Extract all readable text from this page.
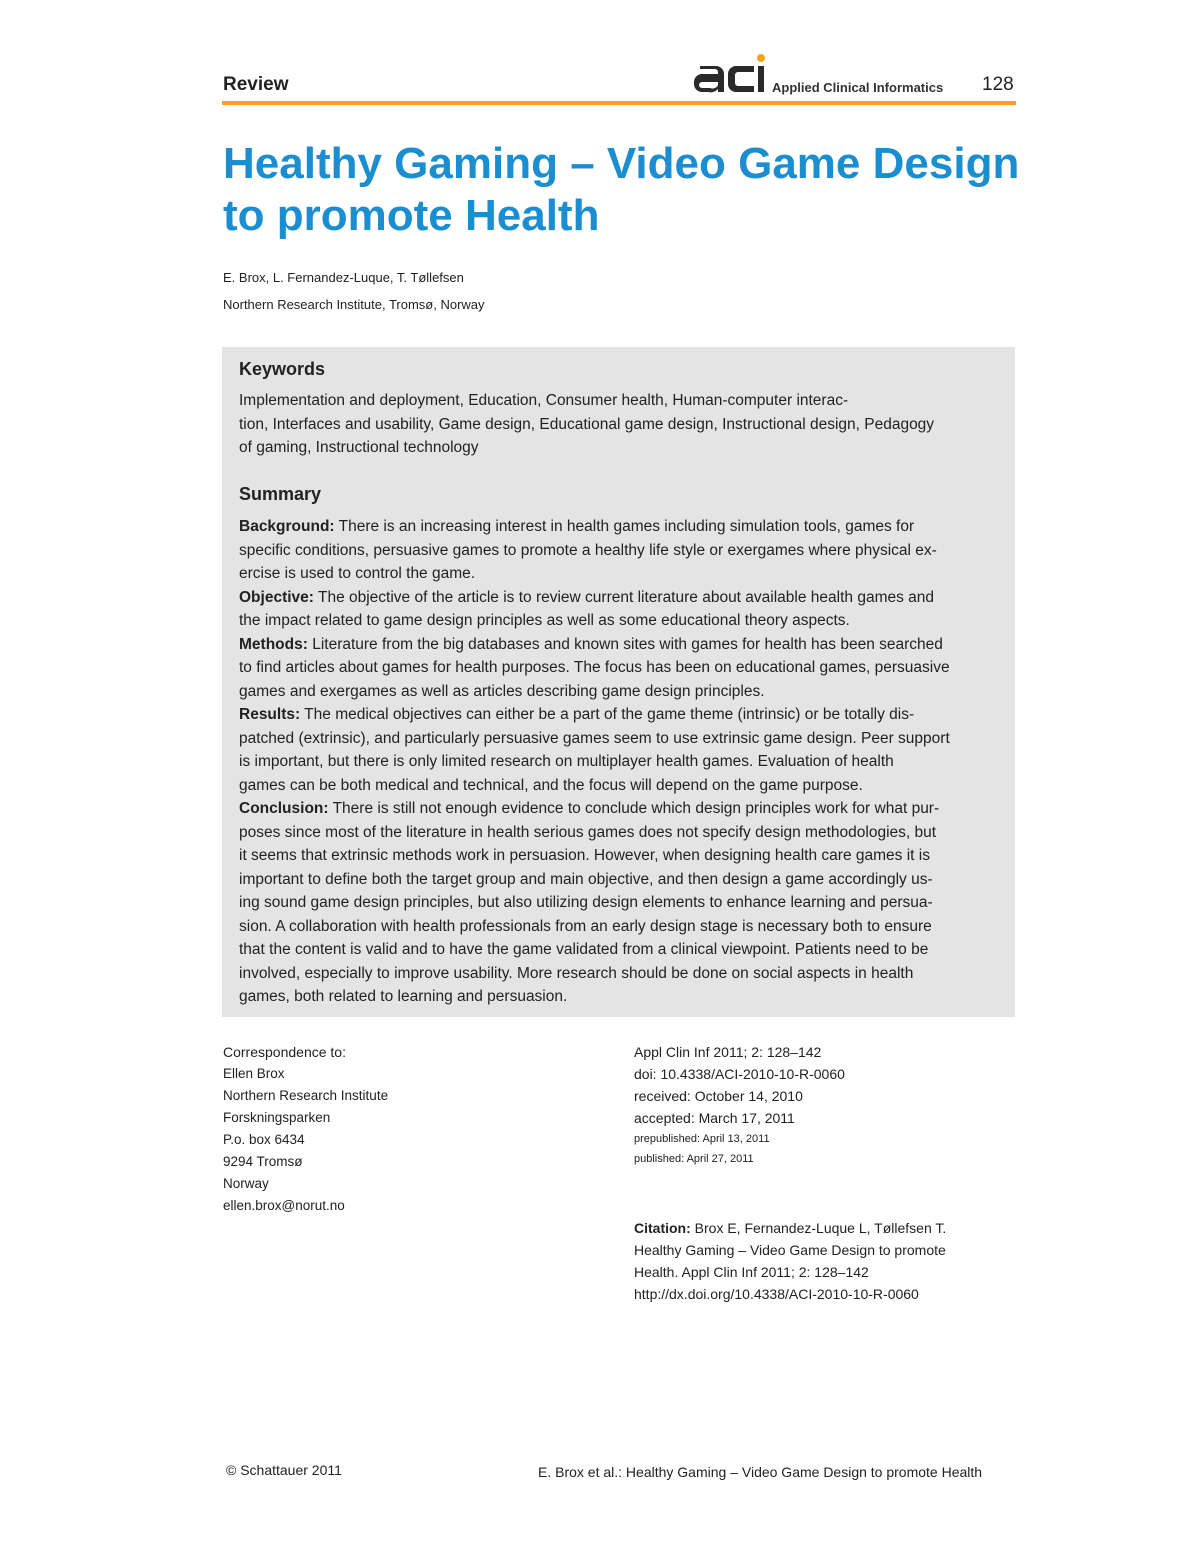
Review	Applied Clinical Informatics 128
Healthy Gaming – Video Game Design
to promote Health
E. Brox, L. Fernandez-Luque, T. Tøllefsen
Northern Research Institute, Tromsø, Norway
Keywords
Implementation and deployment, Education, Consumer health, Human-computer interac-
tion, Interfaces and usability, Game design, Educational game design, Instructional design, Pedagogy
of gaming, Instructional technology
Summary
Background: There is an increasing interest in health games including simulation tools, games for
specific conditions, persuasive games to promote a healthy life style or exergames where physical ex-
ercise is used to control the game.
Objective: The objective of the article is to review current literature about available health games and
the impact related to game design principles as well as some educational theory aspects.
Methods: Literature from the big databases and known sites with games for health has been searched
to find articles about games for health purposes. The focus has been on educational games, persuasive
games and exergames as well as articles describing game design principles.
Results: The medical objectives can either be a part of the game theme (intrinsic) or be totally dis-
patched (extrinsic), and particularly persuasive games seem to use extrinsic game design. Peer support
is important, but there is only limited research on multiplayer health games. Evaluation of health
games can be both medical and technical, and the focus will depend on the game purpose.
Conclusion: There is still not enough evidence to conclude which design principles work for what pur-
poses since most of the literature in health serious games does not specify design methodologies, but
it seems that extrinsic methods work in persuasion. However, when designing health care games it is
important to define both the target group and main objective, and then design a game accordingly us-
ing sound game design principles, but also utilizing design elements to enhance learning and persua-
sion. A collaboration with health professionals from an early design stage is necessary both to ensure
that the content is valid and to have the game validated from a clinical viewpoint. Patients need to be
involved, especially to improve usability. More research should be done on social aspects in health
games, both related to learning and persuasion.
Correspondence to:
Ellen Brox
Northern Research Institute
Forskningsparken
P.o. box 6434
9294 Tromsø
Norway
ellen.brox@norut.no
Appl Clin Inf 2011; 2: 128–142
doi: 10.4338/ACI-2010-10-R-0060
received: October 14, 2010
accepted: March 17, 2011
prepublished: April 13, 2011
published: April 27, 2011
Citation: Brox E, Fernandez-Luque L, Tøllefsen T.
Healthy Gaming – Video Game Design to promote
Health. Appl Clin Inf 2011; 2: 128–142
http://dx.doi.org/10.4338/ACI-2010-10-R-0060
© Schattauer 2011	E. Brox et al.: Healthy Gaming – Video Game Design to promote Health
